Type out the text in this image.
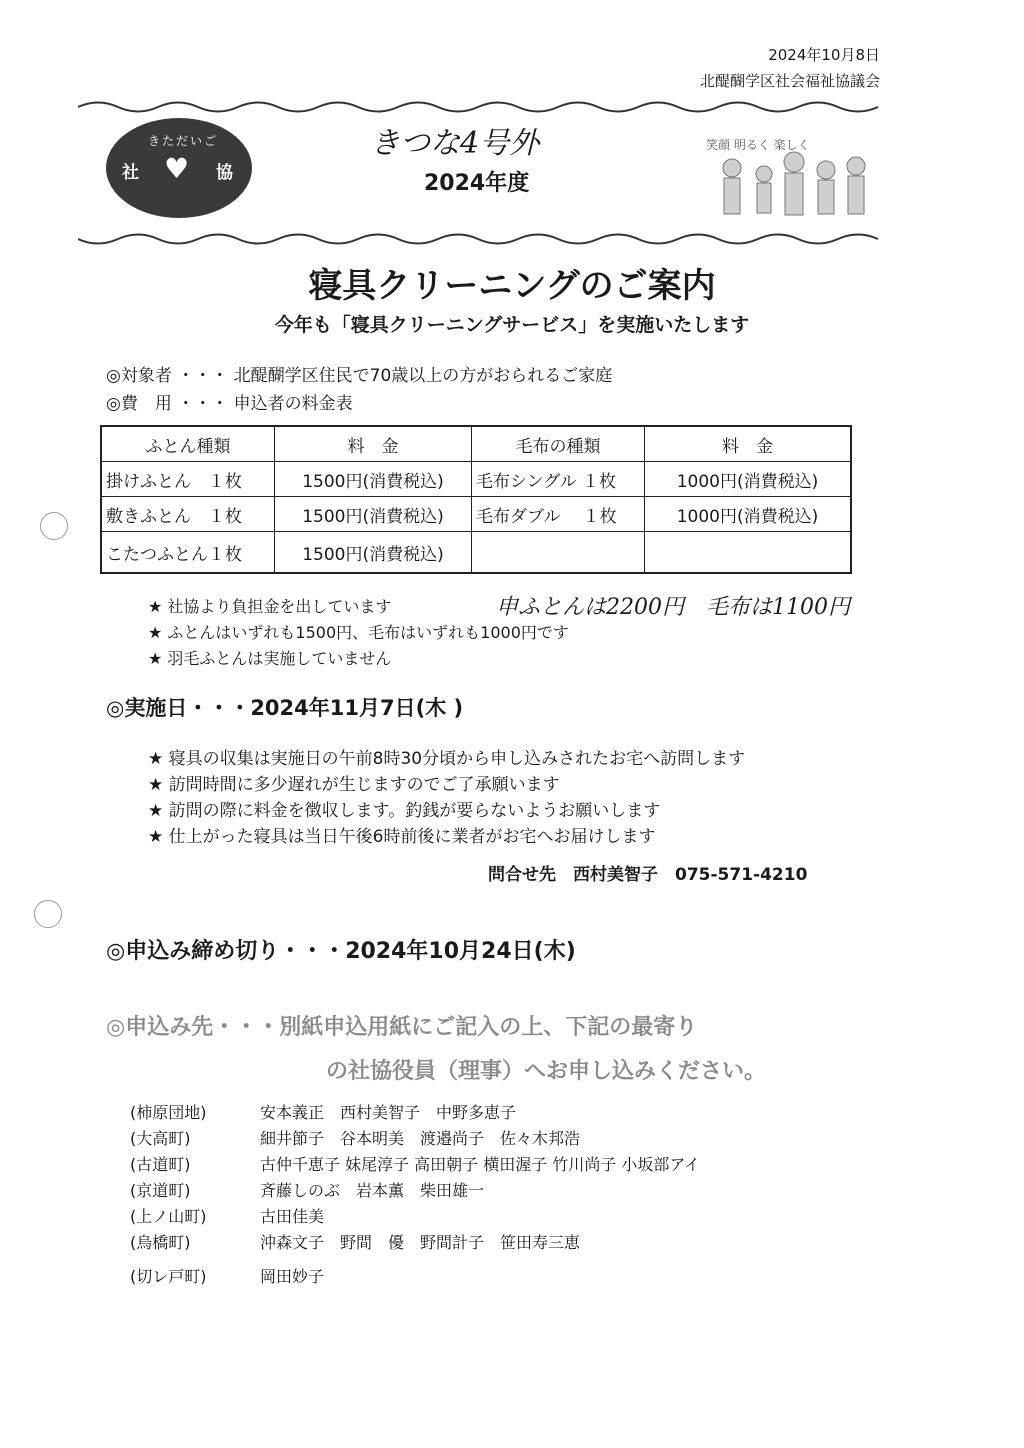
2024年10月8日
北醍醐学区社会福祉協議会
きただいご
社 ♥ 協
きつな4号外
2024年度
笑顔 明るく 楽しく
寝具クリーニングのご案内
今年も「寝具クリーニングサービス」を実施いたします
◎対象者 ・・・ 北醍醐学区住民で70歳以上の方がおられるご家庭
◎費　用 ・・・ 申込者の料金表
ふとん種類	料　金	毛布の種類	料　金
掛けふとん　１枚	1500円(消費税込)	毛布シングル １枚	1000円(消費税込)
敷きふとん　１枚	1500円(消費税込)	毛布ダブル　 １枚	1000円(消費税込)
こたつふとん１枚	1500円(消費税込)		
★ 社協より負担金を出しています
★ ふとんはいずれも1500円、毛布はいずれも1000円です
★ 羽毛ふとんは実施していません
申ふとんは2200円　毛布は1100円
◎実施日・・・2024年11月7日(木 )
★ 寝具の収集は実施日の午前8時30分頃から申し込みされたお宅へ訪問します
★ 訪問時間に多少遅れが生じますのでご了承願います
★ 訪問の際に料金を徴収します。釣銭が要らないようお願いします
★ 仕上がった寝具は当日午後6時前後に業者がお宅へお届けします
問合せ先　西村美智子　075-571-4210
◎申込み締め切り・・・2024年10月24日(木)
◎申込み先・・・別紙申込用紙にご記入の上、下記の最寄り
の社協役員（理事）へお申し込みください。
(柿原団地)	安本義正　西村美智子　中野多恵子
(大高町)	細井節子　谷本明美　渡邉尚子　佐々木邦浩
(古道町)	古仲千恵子 妹尾淳子 高田朝子 横田渥子 竹川尚子 小坂部アイ
(京道町)	斉藤しのぶ　岩本薫　柴田雄一
(上ノ山町)	古田佳美
(烏橋町)	沖森文子　野間　優　野間計子　笹田寿三恵
(切レ戸町)	岡田妙子
